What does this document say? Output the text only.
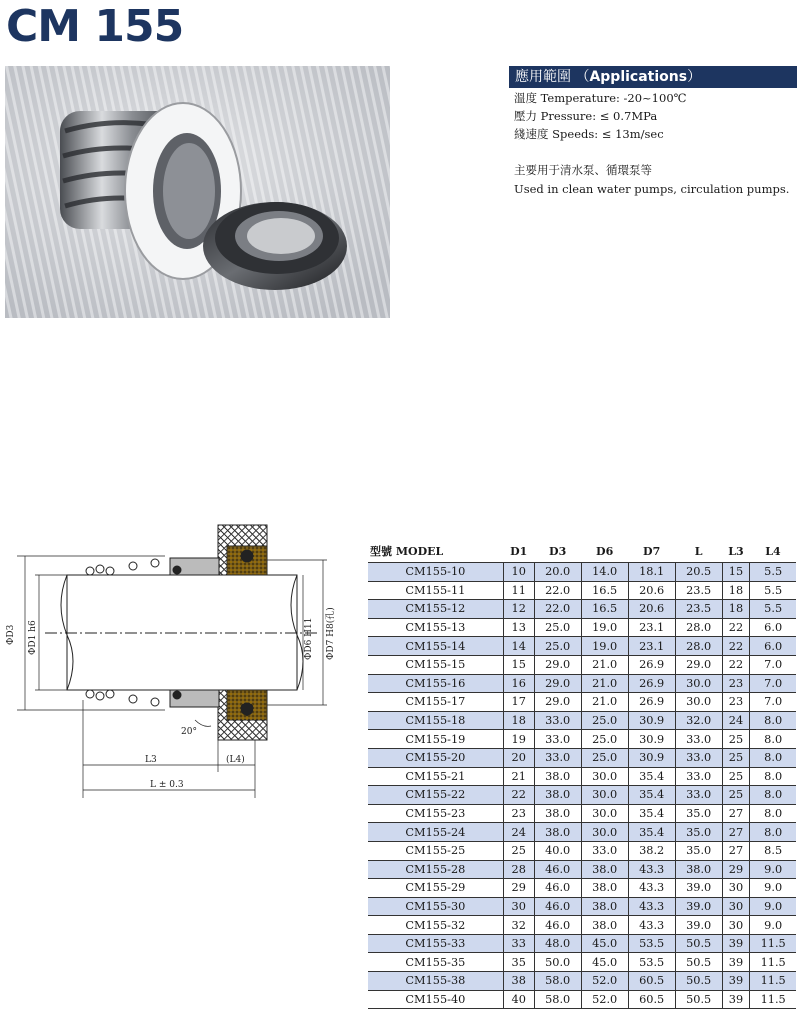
CM 155
應用範圍 （Applications）
溫度 Temperature: -20~100℃
壓力 Pressure: ≤ 0.7MPa
綫速度 Speeds: ≤ 13m/sec
主要用于清水泵、循環泵等
Used in clean water pumps, circulation pumps.
ΦD3 ΦD1 h6	ΦD6 H11 ΦD7 H8(孔)
20°
L3	(L4)
L ± 0.3
型號 MODEL	D1	D3	D6	D7	L	L3	L4
CM155-10	10	20.0	14.0	18.1	20.5	15	5.5
CM155-11	11	22.0	16.5	20.6	23.5	18	5.5
CM155-12	12	22.0	16.5	20.6	23.5	18	5.5
CM155-13	13	25.0	19.0	23.1	28.0	22	6.0
CM155-14	14	25.0	19.0	23.1	28.0	22	6.0
CM155-15	15	29.0	21.0	26.9	29.0	22	7.0
CM155-16	16	29.0	21.0	26.9	30.0	23	7.0
CM155-17	17	29.0	21.0	26.9	30.0	23	7.0
CM155-18	18	33.0	25.0	30.9	32.0	24	8.0
CM155-19	19	33.0	25.0	30.9	33.0	25	8.0
CM155-20	20	33.0	25.0	30.9	33.0	25	8.0
CM155-21	21	38.0	30.0	35.4	33.0	25	8.0
CM155-22	22	38.0	30.0	35.4	33.0	25	8.0
CM155-23	23	38.0	30.0	35.4	35.0	27	8.0
CM155-24	24	38.0	30.0	35.4	35.0	27	8.0
CM155-25	25	40.0	33.0	38.2	35.0	27	8.5
CM155-28	28	46.0	38.0	43.3	38.0	29	9.0
CM155-29	29	46.0	38.0	43.3	39.0	30	9.0
CM155-30	30	46.0	38.0	43.3	39.0	30	9.0
CM155-32	32	46.0	38.0	43.3	39.0	30	9.0
CM155-33	33	48.0	45.0	53.5	50.5	39	11.5
CM155-35	35	50.0	45.0	53.5	50.5	39	11.5
CM155-38	38	58.0	52.0	60.5	50.5	39	11.5
CM155-40	40	58.0	52.0	60.5	50.5	39	11.5
